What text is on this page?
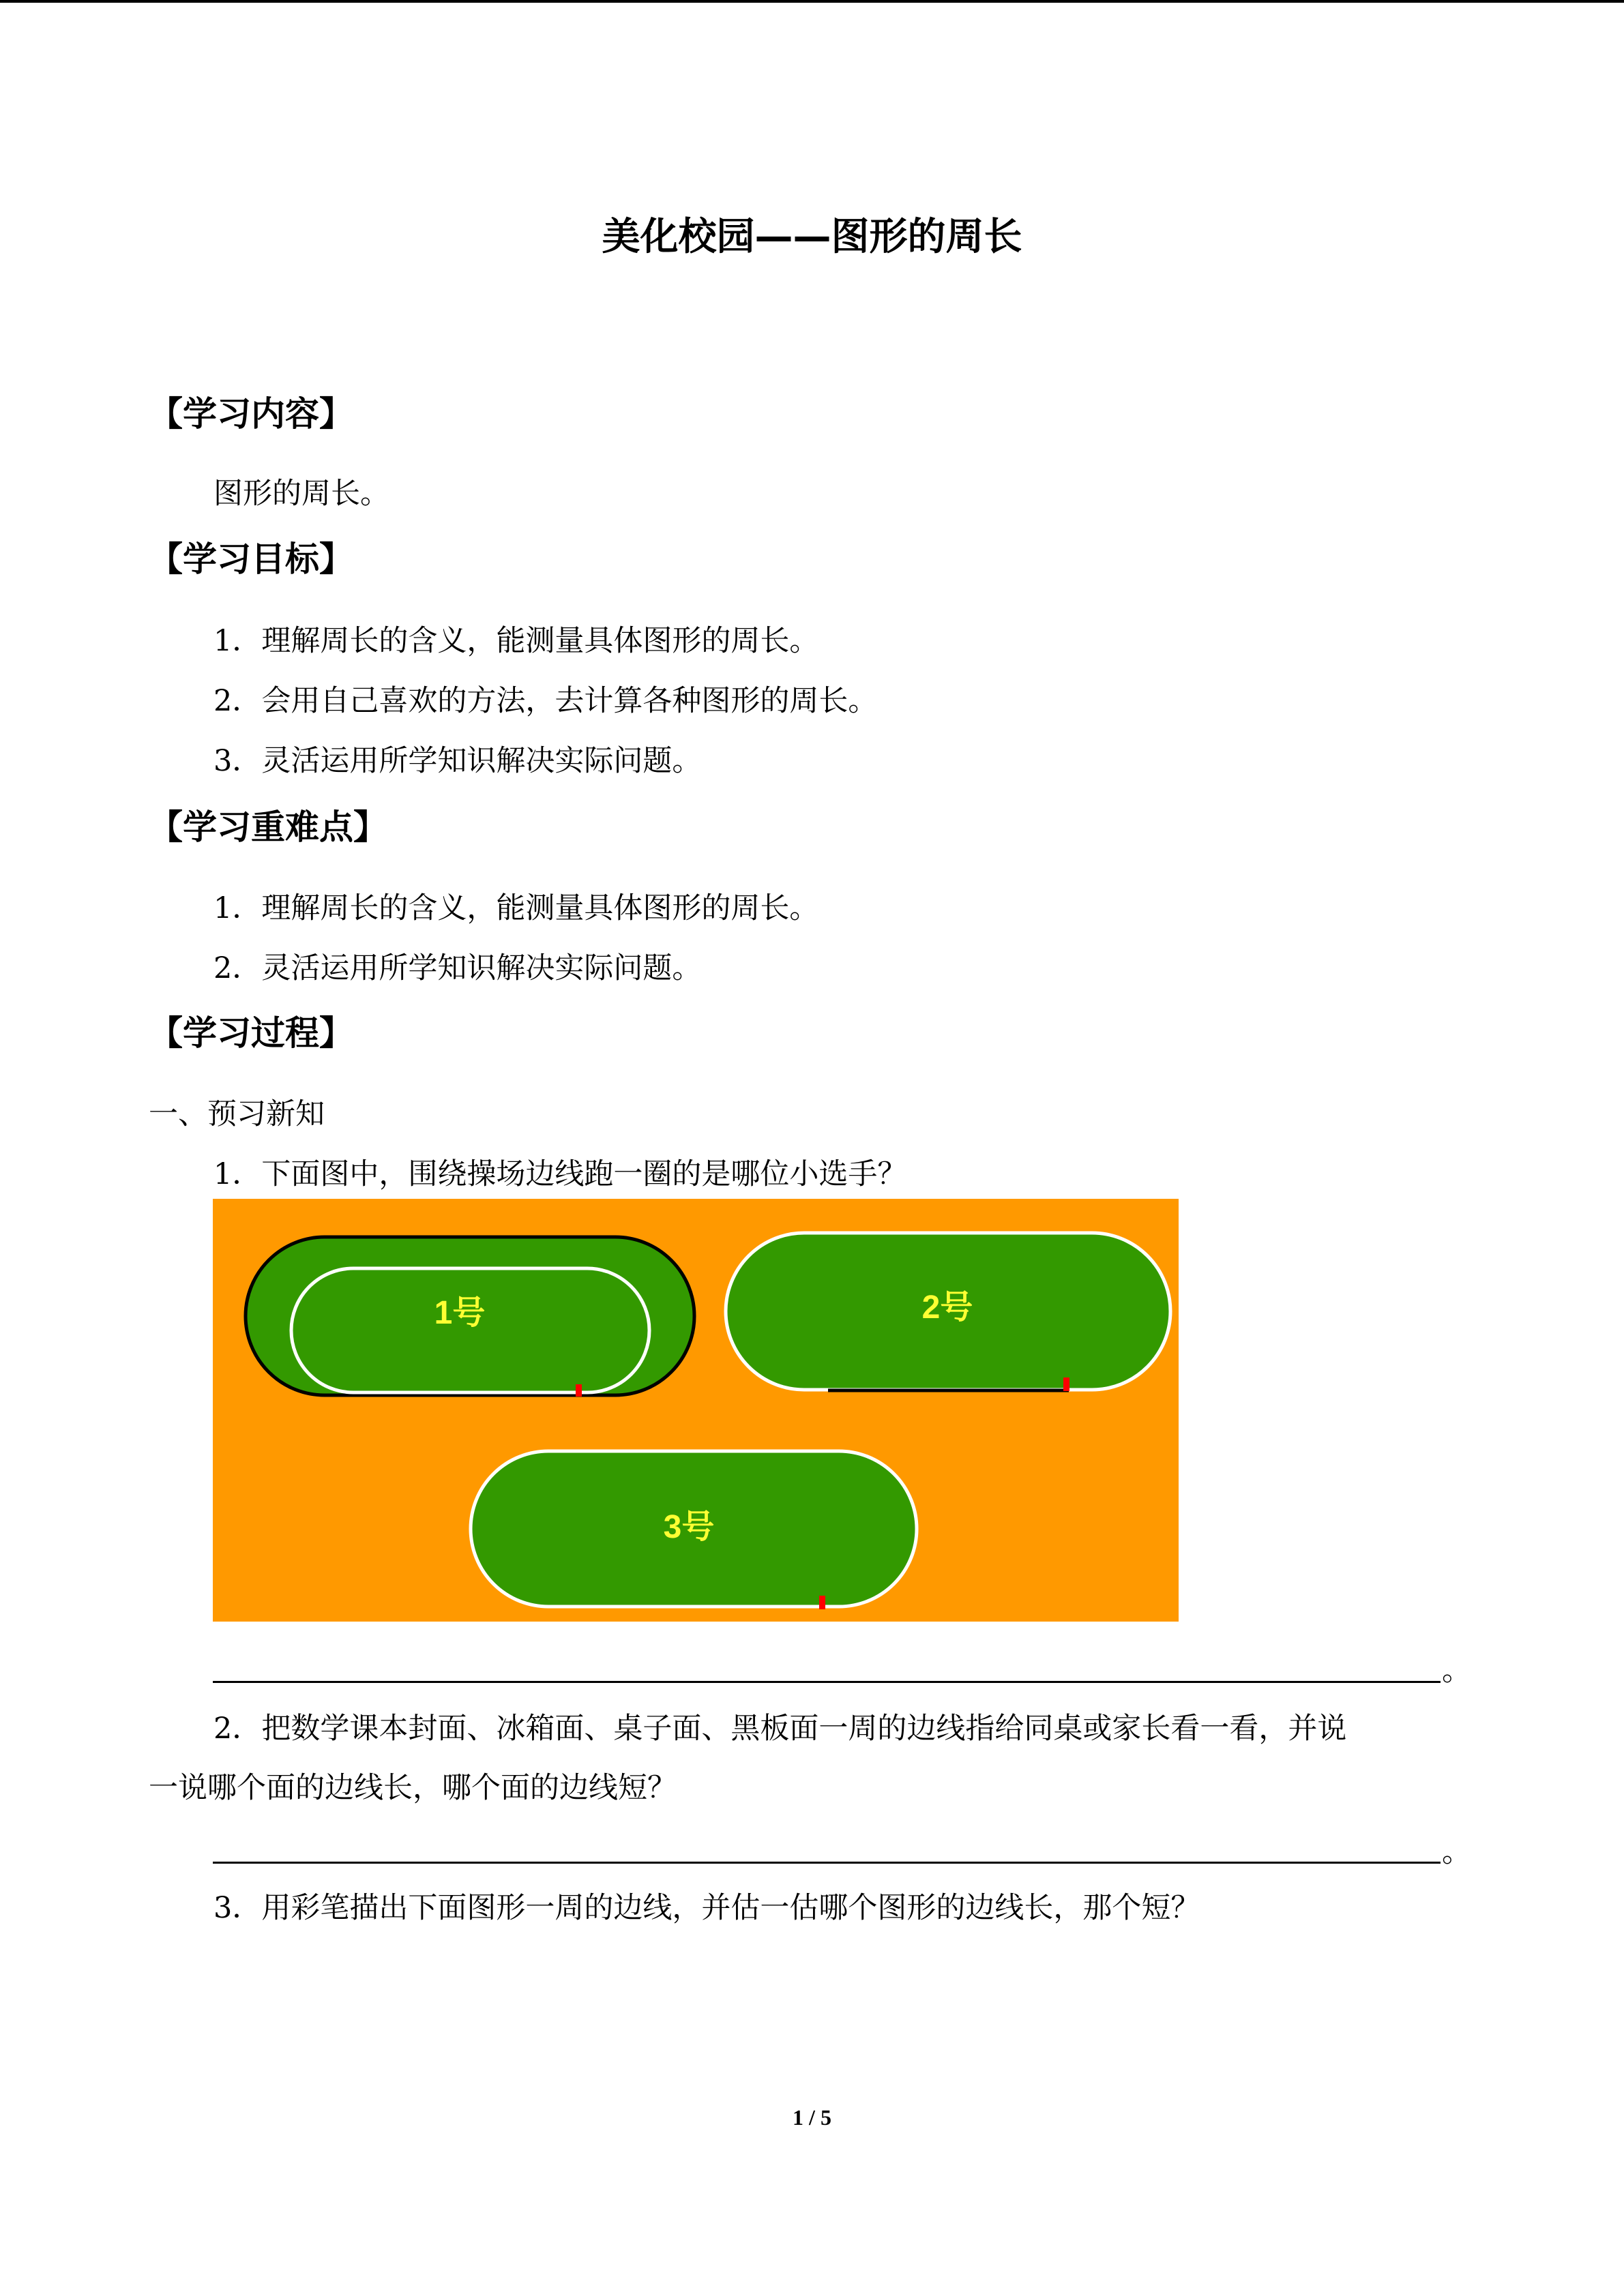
美化校园——图形的周长
【学习内容】
图形的周长。
【学习目标】
1．理解周长的含义，能测量具体图形的周长。
2．会用自己喜欢的方法，去计算各种图形的周长。
3．灵活运用所学知识解决实际问题。
【学习重难点】
1．理解周长的含义，能测量具体图形的周长。
2．灵活运用所学知识解决实际问题。
【学习过程】
一、预习新知
1．下面图中，围绕操场边线跑一圈的是哪位小选手？
1号	2号
3号
。
2．把数学课本封面、冰箱面、桌子面、黑板面一周的边线指给同桌或家长看一看，并说
一说哪个面的边线长，哪个面的边线短？
。
3．用彩笔描出下面图形一周的边线，并估一估哪个图形的边线长，那个短？
1 / 5
